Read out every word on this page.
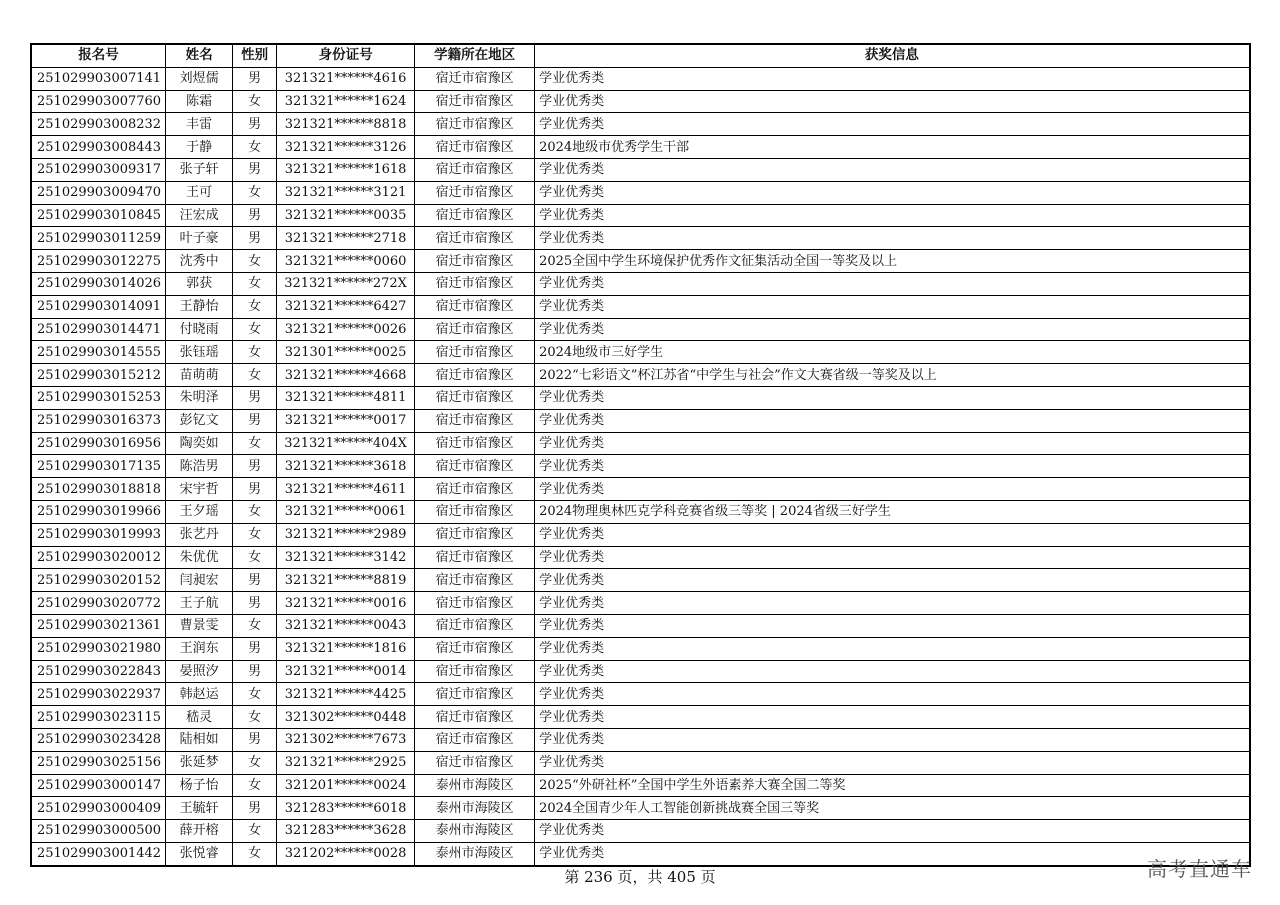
报名号	姓名	性别	身份证号	学籍所在地区	获奖信息
251029903007141	刘煜儒	男	321321******4616	宿迁市宿豫区	学业优秀类
251029903007760	陈霜	女	321321******1624	宿迁市宿豫区	学业优秀类
251029903008232	丰雷	男	321321******8818	宿迁市宿豫区	学业优秀类
251029903008443	于静	女	321321******3126	宿迁市宿豫区	2024地级市优秀学生干部
251029903009317	张子轩	男	321321******1618	宿迁市宿豫区	学业优秀类
251029903009470	王可	女	321321******3121	宿迁市宿豫区	学业优秀类
251029903010845	汪宏成	男	321321******0035	宿迁市宿豫区	学业优秀类
251029903011259	叶子豪	男	321321******2718	宿迁市宿豫区	学业优秀类
251029903012275	沈秀中	女	321321******0060	宿迁市宿豫区	2025全国中学生环境保护优秀作文征集活动全国一等奖及以上
251029903014026	郭获	女	321321******272X	宿迁市宿豫区	学业优秀类
251029903014091	王静怡	女	321321******6427	宿迁市宿豫区	学业优秀类
251029903014471	付晓雨	女	321321******0026	宿迁市宿豫区	学业优秀类
251029903014555	张钰瑶	女	321301******0025	宿迁市宿豫区	2024地级市三好学生
251029903015212	苗萌萌	女	321321******4668	宿迁市宿豫区	2022“七彩语文”杯江苏省“中学生与社会”作文大赛省级一等奖及以上
251029903015253	朱明泽	男	321321******4811	宿迁市宿豫区	学业优秀类
251029903016373	彭钇文	男	321321******0017	宿迁市宿豫区	学业优秀类
251029903016956	陶奕如	女	321321******404X	宿迁市宿豫区	学业优秀类
251029903017135	陈浩男	男	321321******3618	宿迁市宿豫区	学业优秀类
251029903018818	宋宇哲	男	321321******4611	宿迁市宿豫区	学业优秀类
251029903019966	王夕瑶	女	321321******0061	宿迁市宿豫区	2024物理奥林匹克学科竞赛省级三等奖 | 2024省级三好学生
251029903019993	张艺丹	女	321321******2989	宿迁市宿豫区	学业优秀类
251029903020012	朱优优	女	321321******3142	宿迁市宿豫区	学业优秀类
251029903020152	闫昶宏	男	321321******8819	宿迁市宿豫区	学业优秀类
251029903020772	王子航	男	321321******0016	宿迁市宿豫区	学业优秀类
251029903021361	曹景雯	女	321321******0043	宿迁市宿豫区	学业优秀类
251029903021980	王润东	男	321321******1816	宿迁市宿豫区	学业优秀类
251029903022843	晏照汐	男	321321******0014	宿迁市宿豫区	学业优秀类
251029903022937	韩赵运	女	321321******4425	宿迁市宿豫区	学业优秀类
251029903023115	嵇灵	女	321302******0448	宿迁市宿豫区	学业优秀类
251029903023428	陆相如	男	321302******7673	宿迁市宿豫区	学业优秀类
251029903025156	张延梦	女	321321******2925	宿迁市宿豫区	学业优秀类
251029903000147	杨子怡	女	321201******0024	泰州市海陵区	2025“外研社杯”全国中学生外语素养大赛全国二等奖
251029903000409	王毓轩	男	321283******6018	泰州市海陵区	2024全国青少年人工智能创新挑战赛全国三等奖
251029903000500	薛开榕	女	321283******3628	泰州市海陵区	学业优秀类
251029903001442	张悦睿	女	321202******0028	泰州市海陵区	学业优秀类
第 236 页，共 405 页	高考直通车
